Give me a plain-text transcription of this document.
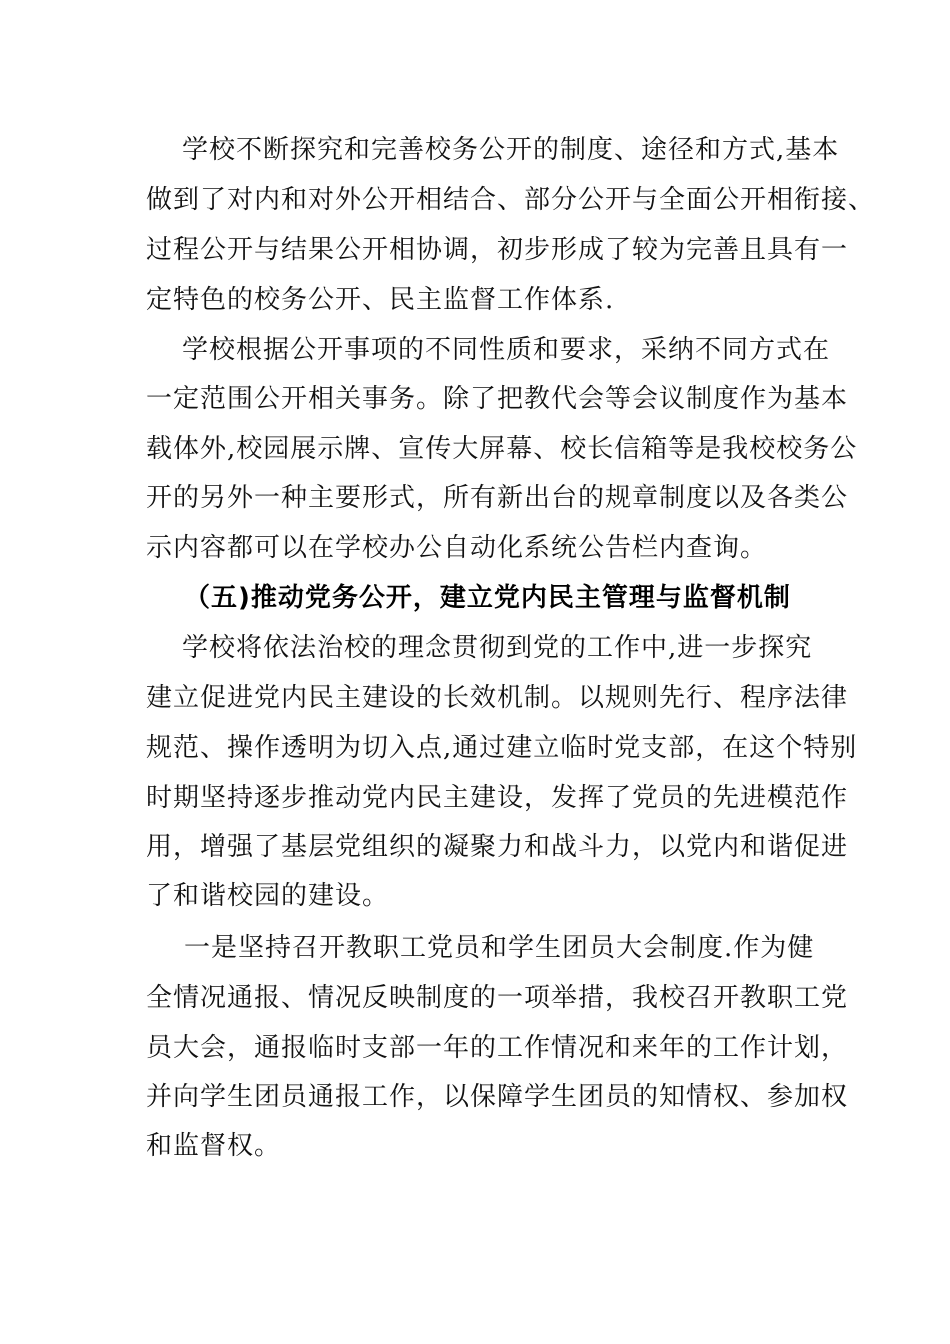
学校不断探究和完善校务公开的制度、途径和方式,基本
做到了对内和对外公开相结合、部分公开与全面公开相衔接、
过程公开与结果公开相协调，初步形成了较为完善且具有一
定特色的校务公开、民主监督工作体系.
学校根据公开事项的不同性质和要求，采纳不同方式在
一定范围公开相关事务。除了把教代会等会议制度作为基本
载体外,校园展示牌、宣传大屏幕、校长信箱等是我校校务公
开的另外一种主要形式，所有新出台的规章制度以及各类公
示内容都可以在学校办公自动化系统公告栏内查询。
（五)推动党务公开，建立党内民主管理与监督机制
学校将依法治校的理念贯彻到党的工作中,进一步探究
建立促进党内民主建设的长效机制。以规则先行、程序法律
规范、操作透明为切入点,通过建立临时党支部，在这个特别
时期坚持逐步推动党内民主建设，发挥了党员的先进模范作
用，增强了基层党组织的凝聚力和战斗力，以党内和谐促进
了和谐校园的建设。
一是坚持召开教职工党员和学生团员大会制度.作为健
全情况通报、情况反映制度的一项举措，我校召开教职工党
员大会，通报临时支部一年的工作情况和来年的工作计划，
并向学生团员通报工作，以保障学生团员的知情权、参加权
和监督权。
